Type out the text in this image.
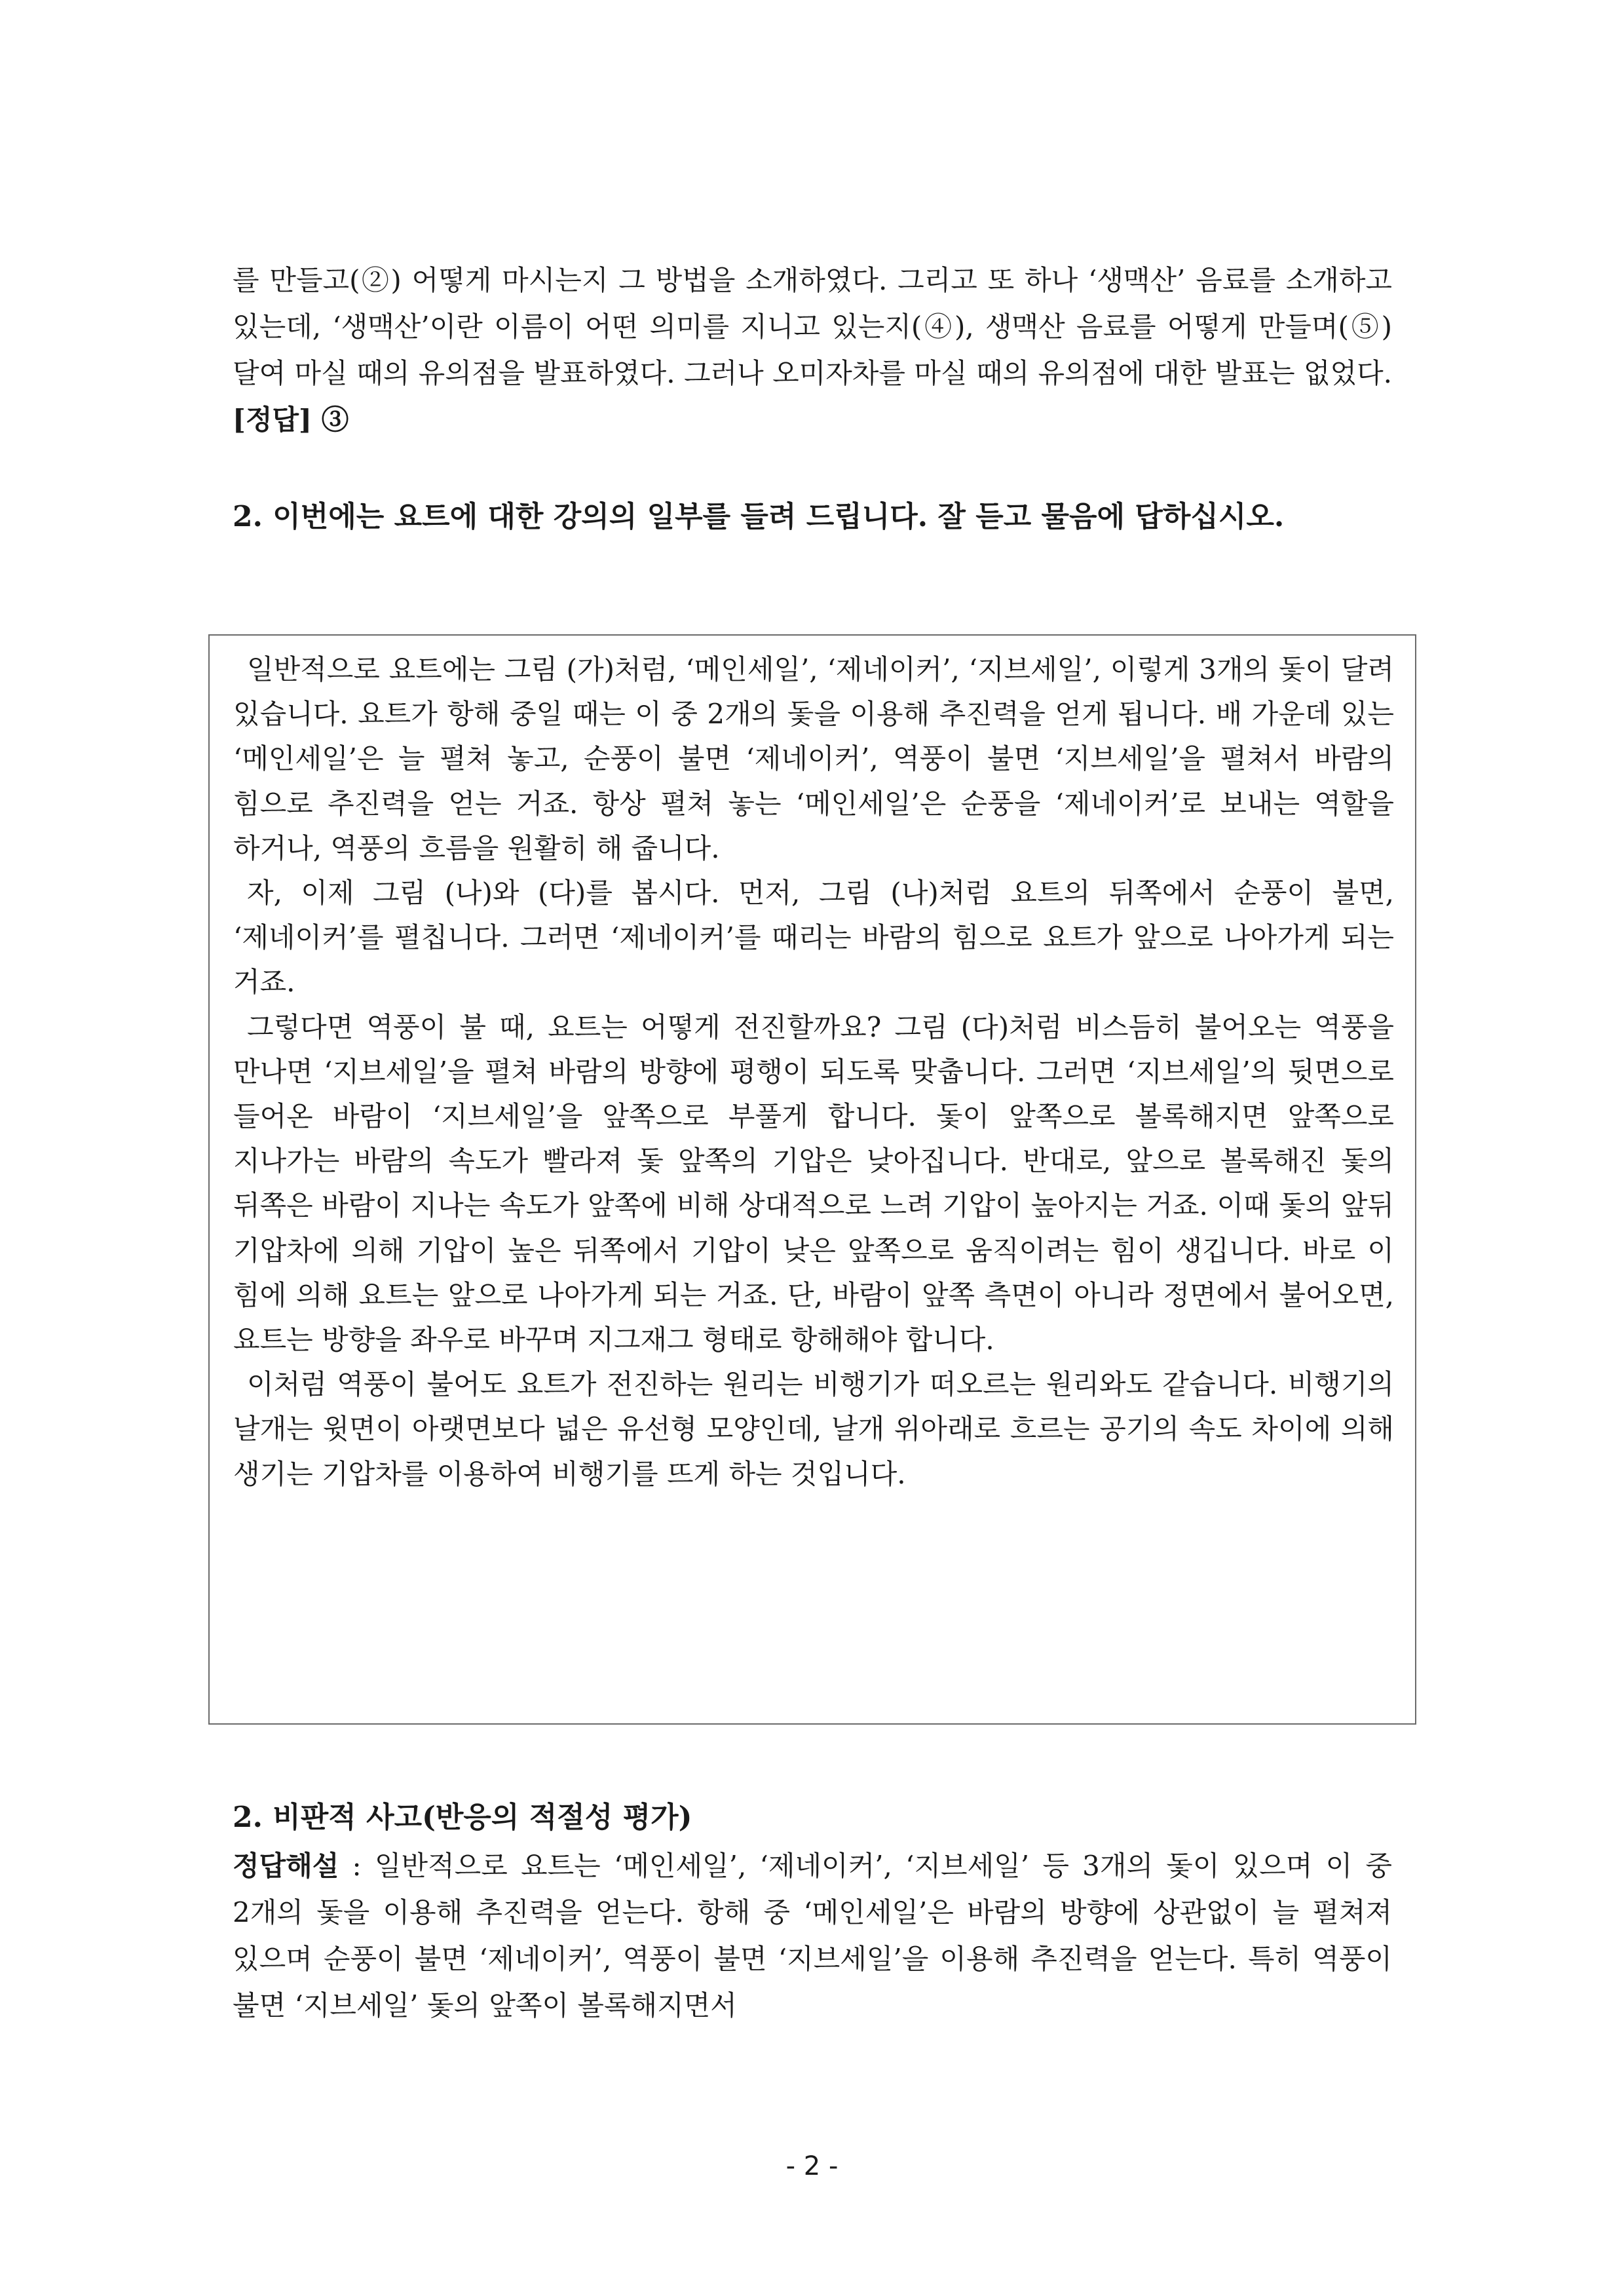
를 만들고(②) 어떻게 마시는지 그 방법을 소개하였다. 그리고 또 하나 ‘생맥산’ 음료를 소개하고 있는데, ‘생맥산’이란 이름이 어떤 의미를 지니고 있는지(④), 생맥산 음료를 어떻게 만들며(⑤) 달여 마실 때의 유의점을 발표하였다. 그러나 오미자차를 마실 때의 유의점에 대한 발표는 없었다. [정답] ③
2. 이번에는 요트에 대한 강의의 일부를 들려 드립니다. 잘 듣고 물음에 답하십시오.

일반적으로 요트에는 그림 (가)처럼, ‘메인세일’, ‘제네이커’, ‘지브세일’, 이렇게 3개의 돛이 달려 있습니다. 요트가 항해 중일 때는 이 중 2개의 돛을 이용해 추진력을 얻게 됩니다. 배 가운데 있는 ‘메인세일’은 늘 펼쳐 놓고, 순풍이 불면 ‘제네이커’, 역풍이 불면 ‘지브세일’을 펼쳐서 바람의 힘으로 추진력을 얻는 거죠. 항상 펼쳐 놓는 ‘메인세일’은 순풍을 ‘제네이커’로 보내는 역할을 하거나, 역풍의 흐름을 원활히 해 줍니다.

자, 이제 그림 (나)와 (다)를 봅시다. 먼저, 그림 (나)처럼 요트의 뒤쪽에서 순풍이 불면, ‘제네이커’를 펼칩니다. 그러면 ‘제네이커’를 때리는 바람의 힘으로 요트가 앞으로 나아가게 되는 거죠.

그렇다면 역풍이 불 때, 요트는 어떻게 전진할까요? 그림 (다)처럼 비스듬히 불어오는 역풍을 만나면 ‘지브세일’을 펼쳐 바람의 방향에 평행이 되도록 맞춥니다. 그러면 ‘지브세일’의 뒷면으로 들어온 바람이 ‘지브세일’을 앞쪽으로 부풀게 합니다. 돛이 앞쪽으로 볼록해지면 앞쪽으로 지나가는 바람의 속도가 빨라져 돛 앞쪽의 기압은 낮아집니다. 반대로, 앞으로 볼록해진 돛의 뒤쪽은 바람이 지나는 속도가 앞쪽에 비해 상대적으로 느려 기압이 높아지는 거죠. 이때 돛의 앞뒤 기압차에 의해 기압이 높은 뒤쪽에서 기압이 낮은 앞쪽으로 움직이려는 힘이 생깁니다. 바로 이 힘에 의해 요트는 앞으로 나아가게 되는 거죠. 단, 바람이 앞쪽 측면이 아니라 정면에서 불어오면, 요트는 방향을 좌우로 바꾸며 지그재그 형태로 항해해야 합니다.

이처럼 역풍이 불어도 요트가 전진하는 원리는 비행기가 떠오르는 원리와도 같습니다. 비행기의 날개는 윗면이 아랫면보다 넓은 유선형 모양인데, 날개 위아래로 흐르는 공기의 속도 차이에 의해 생기는 기압차를 이용하여 비행기를 뜨게 하는 것입니다.

2. 비판적 사고(반응의 적절성 평가)
정답해설 : 일반적으로 요트는 ‘메인세일’, ‘제네이커’, ‘지브세일’ 등 3개의 돛이 있으며 이 중 2개의 돛을 이용해 추진력을 얻는다. 항해 중 ‘메인세일’은 바람의 방향에 상관없이 늘 펼쳐져 있으며 순풍이 불면 ‘제네이커’, 역풍이 불면 ‘지브세일’을 이용해 추진력을 얻는다. 특히 역풍이 불면 ‘지브세일’ 돛의 앞쪽이 볼록해지면서
- 2 -
